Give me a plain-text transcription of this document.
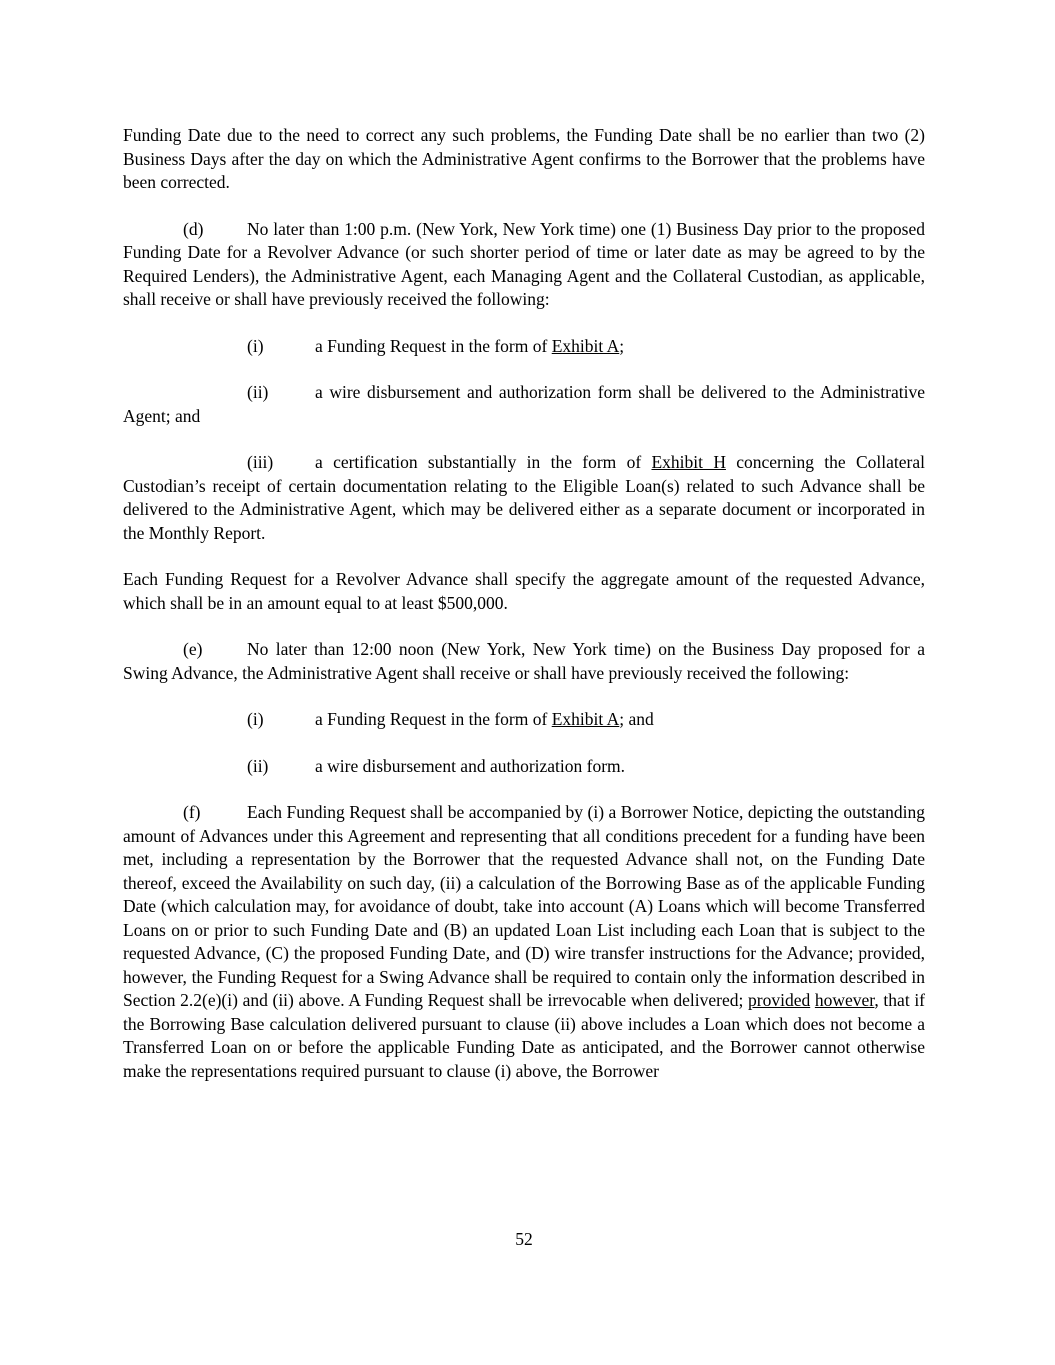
Funding Date due to the need to correct any such problems, the Funding Date shall be no earlier than two (2) Business Days after the day on which the Administrative Agent confirms to the Borrower that the problems have been corrected.

(d) No later than 1:00 p.m. (New York, New York time) one (1) Business Day prior to the proposed Funding Date for a Revolver Advance (or such shorter period of time or later date as may be agreed to by the Required Lenders), the Administrative Agent, each Managing Agent and the Collateral Custodian, as applicable, shall receive or shall have previously received the following:

(i)	a Funding Request in the form of Exhibit A;

(ii)	a wire disbursement and authorization form shall be delivered to the Administrative Agent; and

(iii) a certification substantially in the form of Exhibit H concerning the Collateral Custodian’s receipt of certain documentation relating to the Eligible Loan(s) related to such Advance shall be delivered to the Administrative Agent, which may be delivered either as a separate document or incorporated in the Monthly Report.

Each Funding Request for a Revolver Advance shall specify the aggregate amount of the requested Advance, which shall be in an amount equal to at least $500,000.

(e)	No later than 12:00 noon (New York, New York time) on the Business Day proposed for a Swing Advance, the Administrative Agent shall receive or shall have previously received the following:

(i)	a Funding Request in the form of Exhibit A; and

(ii)	a wire disbursement and authorization form.

(f)	Each Funding Request shall be accompanied by (i) a Borrower Notice, depicting the outstanding amount of Advances under this Agreement and representing that all conditions precedent for a funding have been met, including a representation by the Borrower that the requested Advance shall not, on the Funding Date thereof, exceed the Availability on such day, (ii) a calculation of the Borrowing Base as of the applicable Funding Date (which calculation may, for avoidance of doubt, take into account (A) Loans which will become Transferred Loans on or prior to such Funding Date and (B) an updated Loan List including each Loan that is subject to the requested Advance, (C) the proposed Funding Date, and (D) wire transfer instructions for the Advance; provided, however, the Funding Request for a Swing Advance shall be required to contain only the information described in Section 2.2(e)(i) and (ii) above. A Funding Request shall be irrevocable when delivered; provided however, that if the Borrowing Base calculation delivered pursuant to clause (ii) above includes a Loan which does not become a Transferred Loan on or before the applicable Funding Date as anticipated, and the Borrower cannot otherwise make the representations required pursuant to clause (i) above, the Borrower

52
